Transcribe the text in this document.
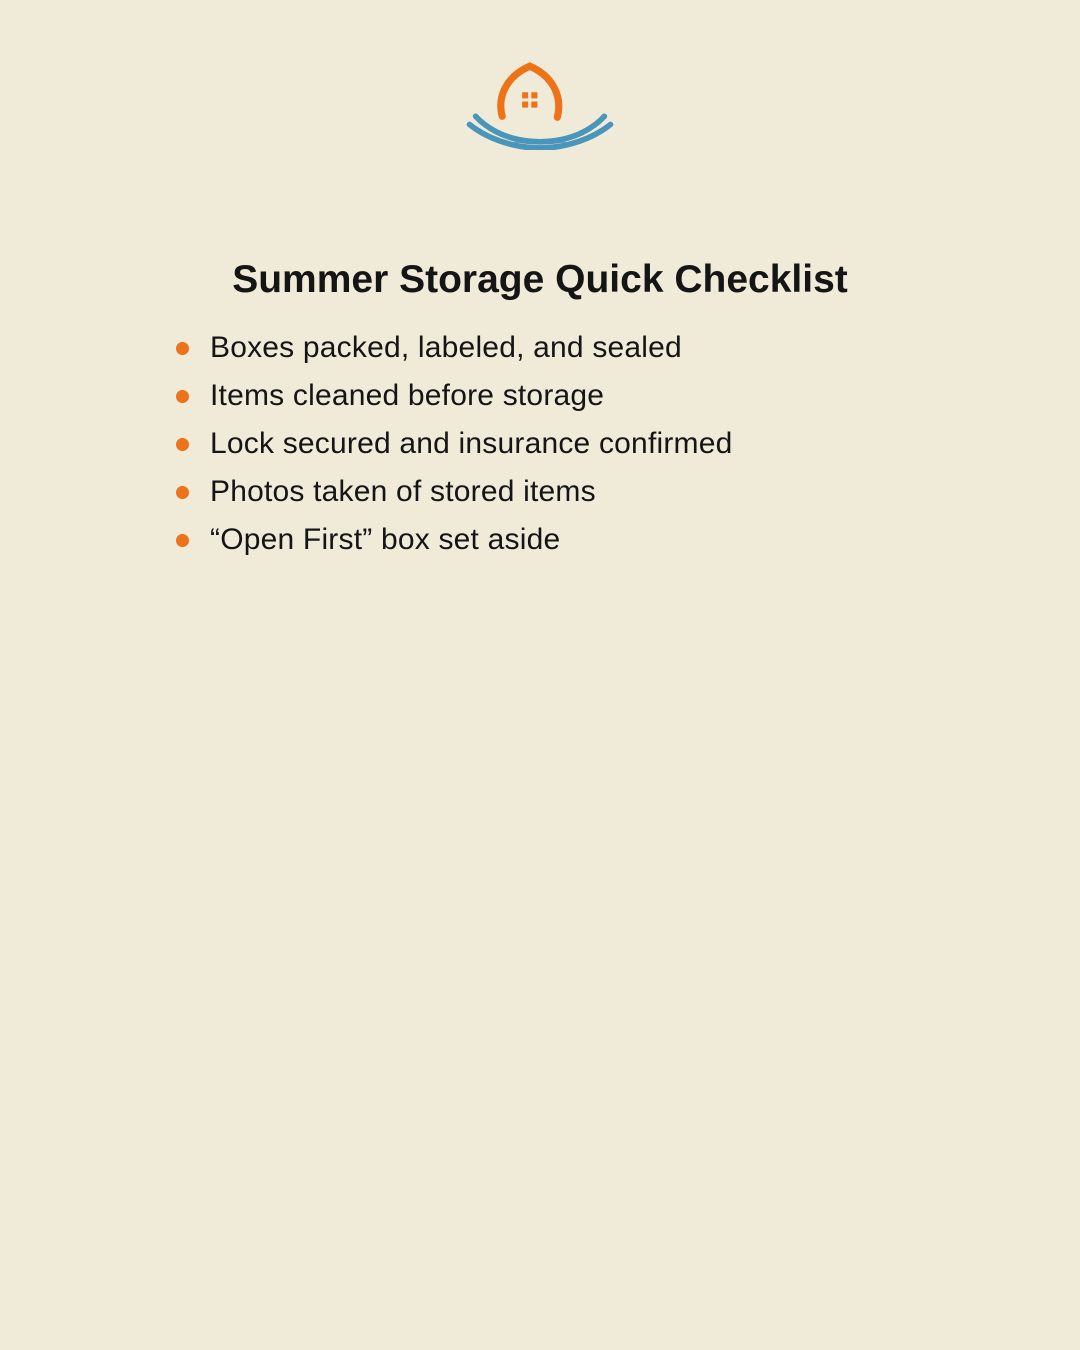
Summer Storage Quick Checklist
Boxes packed, labeled, and sealed
Items cleaned before storage
Lock secured and insurance confirmed
Photos taken of stored items
“Open First” box set aside
